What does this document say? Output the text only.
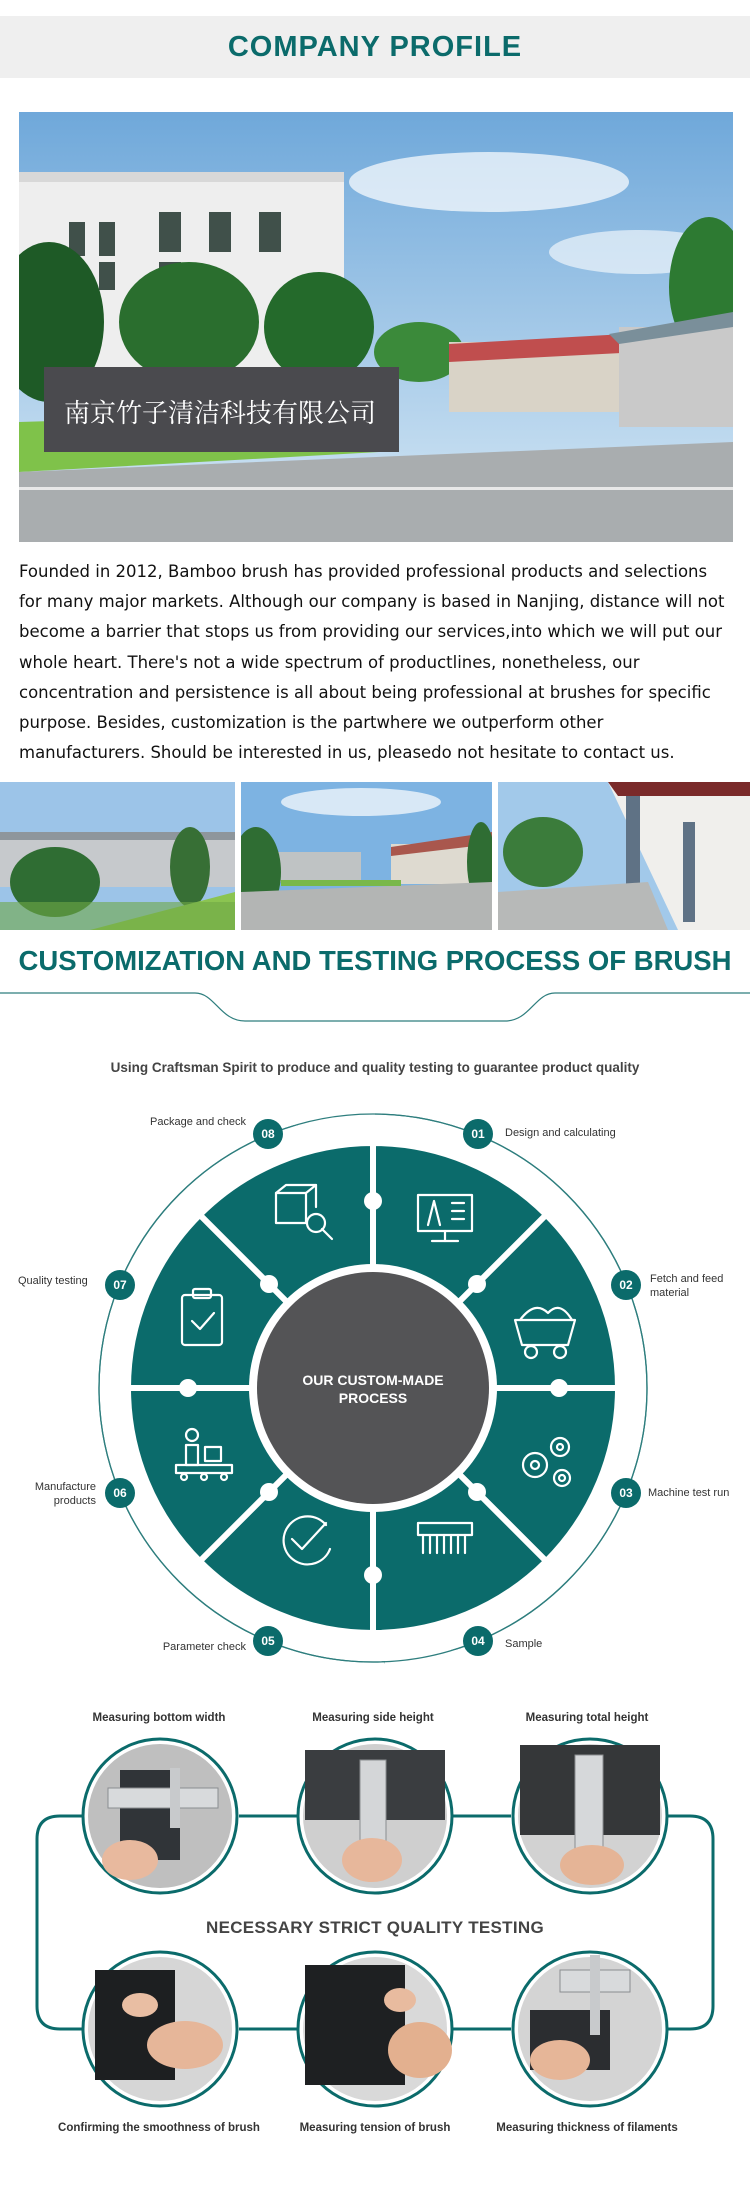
COMPANY PROFILE
南京竹子清洁科技有限公司

Founded in 2012, Bamboo brush has provided professional products and selections for many major markets. Although our company is based in Nanjing, distance will not become a barrier that stops us from providing our services,into which we will put our whole heart. There's not a wide spectrum of productlines, nonetheless, our concentration and persistence is all about being professional at brushes for specific purpose. Besides, customization is the partwhere we outperform other manufacturers. Should be interested in us, pleasedo not hesitate to contact us.

CUSTOMIZATION AND TESTING PROCESS OF BRUSH
Using Craftsman Spirit to produce and quality testing to guarantee product quality
OUR CUSTOM-MADE
PROCESS
01
02
03
04
05
06
07
08	Design and calculating
Fetch and feed material
Machine test run
Sample
Parameter check
Manufacture products
Quality testing
Package and check
Measuring bottom width	Measuring side height	Measuring total height
NECESSARY STRICT QUALITY TESTING
Confirming the smoothness of brush	Measuring tension of brush	Measuring thickness of filaments
